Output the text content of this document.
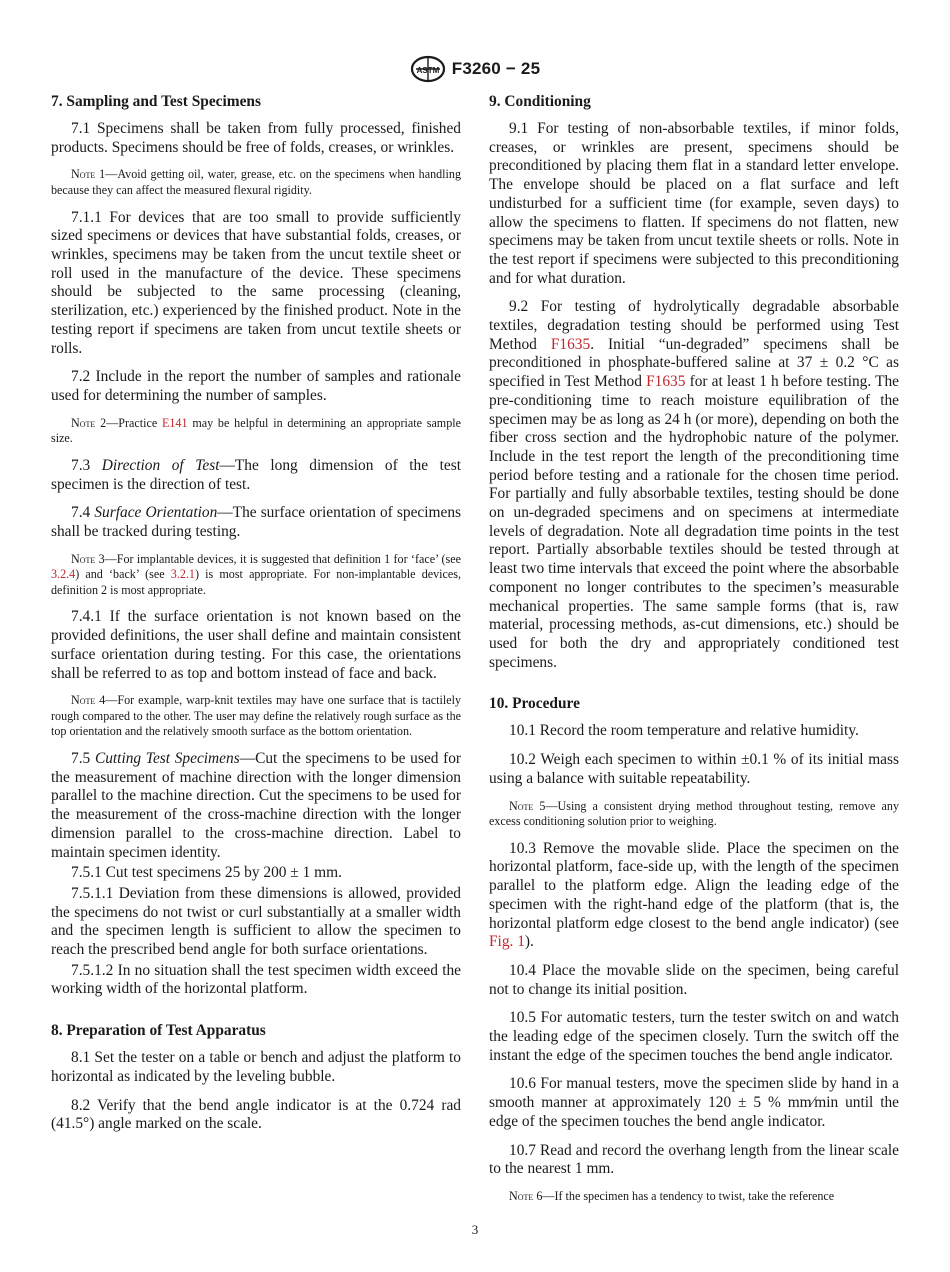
ASTM F3260 − 25
7. Sampling and Test Specimens

7.1 Specimens shall be taken from fully processed, finished products. Specimens should be free of folds, creases, or wrinkles.

Note 1—Avoid getting oil, water, grease, etc. on the specimens when handling because they can affect the measured flexural rigidity.

7.1.1 For devices that are too small to provide sufficiently sized specimens or devices that have substantial folds, creases, or wrinkles, specimens may be taken from the uncut textile sheet or roll used in the manufacture of the device. These specimens should be subjected to the same processing (cleaning, sterilization, etc.) experienced by the finished product. Note in the testing report if specimens are taken from uncut textile sheets or rolls.

7.2 Include in the report the number of samples and rationale used for determining the number of samples.

Note 2—Practice E141 may be helpful in determining an appropriate sample size.

7.3 Direction of Test—The long dimension of the test specimen is the direction of test.

7.4 Surface Orientation—The surface orientation of specimens shall be tracked during testing.

Note 3—For implantable devices, it is suggested that definition 1 for ‘face’ (see 3.2.4) and ‘back’ (see 3.2.1) is most appropriate. For non-implantable devices, definition 2 is most appropriate.

7.4.1 If the surface orientation is not known based on the provided definitions, the user shall define and maintain consistent surface orientation during testing. For this case, the orientations shall be referred to as top and bottom instead of face and back.

Note 4—For example, warp-knit textiles may have one surface that is tactilely rough compared to the other. The user may define the relatively rough surface as the top orientation and the relatively smooth surface as the bottom orientation.

7.5 Cutting Test Specimens—Cut the specimens to be used for the measurement of machine direction with the longer dimension parallel to the machine direction. Cut the specimens to be used for the measurement of the cross-machine direction with the longer dimension parallel to the cross-machine direction. Label to maintain specimen identity.

7.5.1 Cut test specimens 25 by 200 ± 1 mm.

7.5.1.1 Deviation from these dimensions is allowed, provided the specimens do not twist or curl substantially at a smaller width and the specimen length is sufficient to allow the specimen to reach the prescribed bend angle for both surface orientations.

7.5.1.2 In no situation shall the test specimen width exceed the working width of the horizontal platform.

8. Preparation of Test Apparatus

8.1 Set the tester on a table or bench and adjust the platform to horizontal as indicated by the leveling bubble.

8.2 Verify that the bend angle indicator is at the 0.724 rad (41.5°) angle marked on the scale.

9. Conditioning

9.1 For testing of non-absorbable textiles, if minor folds, creases, or wrinkles are present, specimens should be preconditioned by placing them flat in a standard letter envelope. The envelope should be placed on a flat surface and left undisturbed for a sufficient time (for example, seven days) to allow the specimens to flatten. If specimens do not flatten, new specimens may be taken from uncut textile sheets or rolls. Note in the test report if specimens were subjected to this preconditioning and for what duration.

9.2 For testing of hydrolytically degradable absorbable textiles, degradation testing should be performed using Test Method F1635. Initial “un-degraded” specimens shall be preconditioned in phosphate-buffered saline at 37 ± 0.2 °C as specified in Test Method F1635 for at least 1 h before testing. The pre-conditioning time to reach moisture equilibration of the specimen may be as long as 24 h (or more), depending on both the fiber cross section and the hydrophobic nature of the polymer. Include in the test report the length of the preconditioning time period before testing and a rationale for the chosen time period. For partially and fully absorbable textiles, testing should be done on un-degraded specimens and on specimens at intermediate levels of degradation. Note all degradation time points in the test report. Partially absorbable textiles should be tested through at least two time intervals that exceed the point where the absorbable component no longer contributes to the specimen’s measurable mechanical properties. The same sample forms (that is, raw material, processing methods, as-cut dimensions, etc.) should be used for both the dry and appropriately conditioned test specimens.

10. Procedure

10.1 Record the room temperature and relative humidity.

10.2 Weigh each specimen to within ±0.1 % of its initial mass using a balance with suitable repeatability.

Note 5—Using a consistent drying method throughout testing, remove any excess conditioning solution prior to weighing.

10.3 Remove the movable slide. Place the specimen on the horizontal platform, face-side up, with the length of the specimen parallel to the platform edge. Align the leading edge of the specimen with the right-hand edge of the platform (that is, the horizontal platform edge closest to the bend angle indicator) (see Fig. 1).

10.4 Place the movable slide on the specimen, being careful not to change its initial position.

10.5 For automatic testers, turn the tester switch on and watch the leading edge of the specimen closely. Turn the switch off the instant the edge of the specimen touches the bend angle indicator.

10.6 For manual testers, move the specimen slide by hand in a smooth manner at approximately 120 ± 5 % mm⁄min until the edge of the specimen touches the bend angle indicator.

10.7 Read and record the overhang length from the linear scale to the nearest 1 mm.

Note 6—If the specimen has a tendency to twist, take the reference

3
